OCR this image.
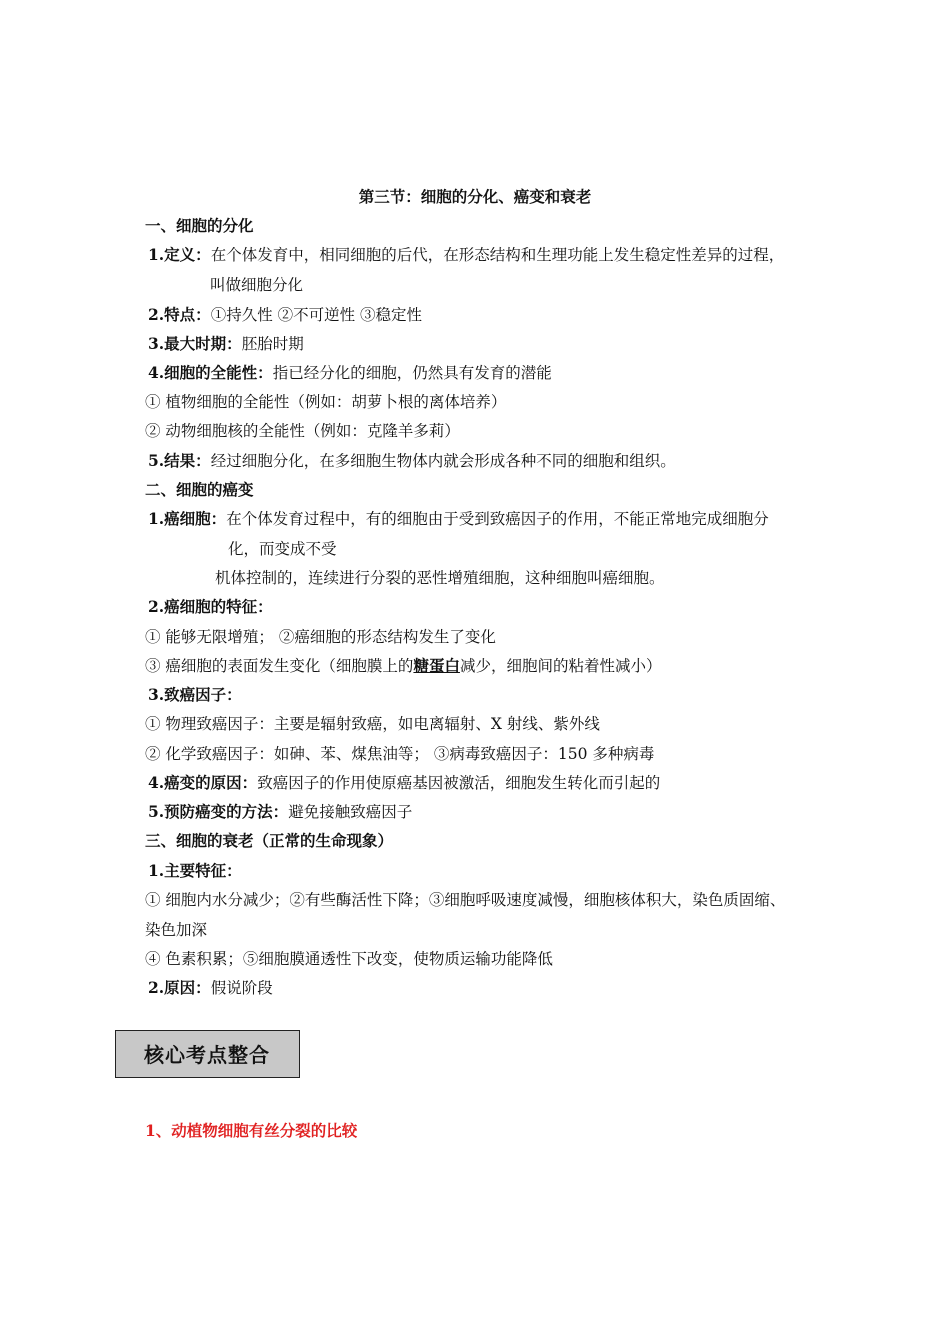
第三节：细胞的分化、癌变和衰老
一、细胞的分化
1.定义：在个体发育中，相同细胞的后代，在形态结构和生理功能上发生稳定性差异的过程，
叫做细胞分化
2.特点：①持久性 ②不可逆性 ③稳定性
3.最大时期：胚胎时期
4.细胞的全能性：指已经分化的细胞，仍然具有发育的潜能
① 植物细胞的全能性（例如：胡萝卜根的离体培养）
② 动物细胞核的全能性（例如：克隆羊多莉）
5.结果：经过细胞分化，在多细胞生物体内就会形成各种不同的细胞和组织。
二、细胞的癌变
1.癌细胞：在个体发育过程中，有的细胞由于受到致癌因子的作用，不能正常地完成细胞分
化，而变成不受
机体控制的，连续进行分裂的恶性增殖细胞，这种细胞叫癌细胞。
2.癌细胞的特征：
① 能够无限增殖； ②癌细胞的形态结构发生了变化
③ 癌细胞的表面发生变化（细胞膜上的糖蛋白减少，细胞间的粘着性减小）
3.致癌因子：
① 物理致癌因子：主要是辐射致癌，如电离辐射、X 射线、紫外线
② 化学致癌因子：如砷、苯、煤焦油等； ③病毒致癌因子：150 多种病毒
4.癌变的原因：致癌因子的作用使原癌基因被激活，细胞发生转化而引起的
5.预防癌变的方法：避免接触致癌因子
三、细胞的衰老（正常的生命现象）
1.主要特征：
① 细胞内水分减少；②有些酶活性下降；③细胞呼吸速度减慢，细胞核体积大，染色质固缩、
染色加深
④ 色素积累；⑤细胞膜通透性下改变，使物质运输功能降低
2.原因：假说阶段
核心考点整合
1、动植物细胞有丝分裂的比较
